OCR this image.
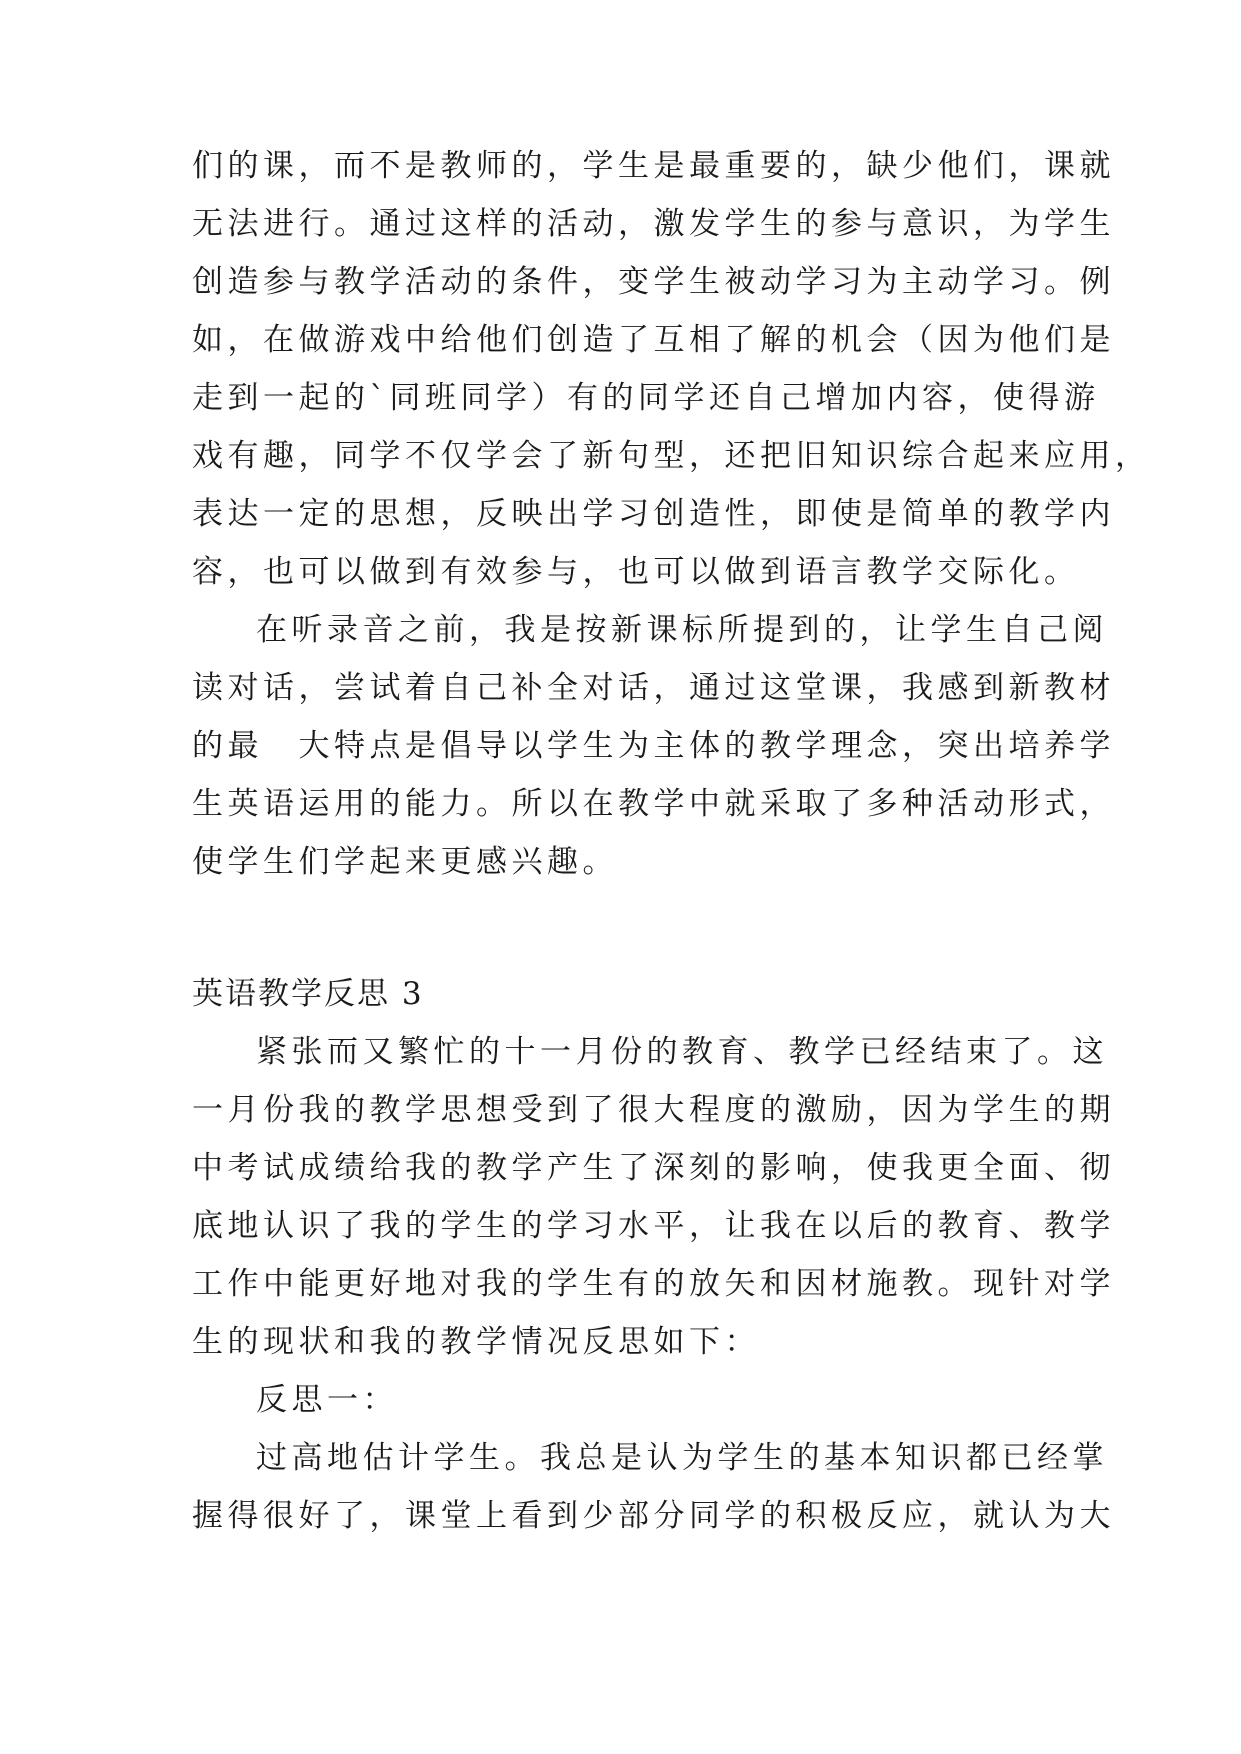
们的课，而不是教师的，学生是最重要的，缺少他们，课就
无法进行。通过这样的活动，激发学生的参与意识，为学生
创造参与教学活动的条件，变学生被动学习为主动学习。例
如，在做游戏中给他们创造了互相了解的机会（因为他们是
走到一起的`同班同学）有的同学还自己增加内容，使得游
戏有趣，同学不仅学会了新句型，还把旧知识综合起来应用，
表达一定的思想，反映出学习创造性，即使是简单的教学内
容，也可以做到有效参与，也可以做到语言教学交际化。
在听录音之前，我是按新课标所提到的，让学生自己阅
读对话，尝试着自己补全对话，通过这堂课，我感到新教材
的最　大特点是倡导以学生为主体的教学理念，突出培养学
生英语运用的能力。所以在教学中就采取了多种活动形式，
使学生们学起来更感兴趣。
英语教学反思 3
紧张而又繁忙的十一月份的教育、教学已经结束了。这
一月份我的教学思想受到了很大程度的激励，因为学生的期
中考试成绩给我的教学产生了深刻的影响，使我更全面、彻
底地认识了我的学生的学习水平，让我在以后的教育、教学
工作中能更好地对我的学生有的放矢和因材施教。现针对学
生的现状和我的教学情况反思如下：
反思一：
过高地估计学生。我总是认为学生的基本知识都已经掌
握得很好了，课堂上看到少部分同学的积极反应，就认为大
